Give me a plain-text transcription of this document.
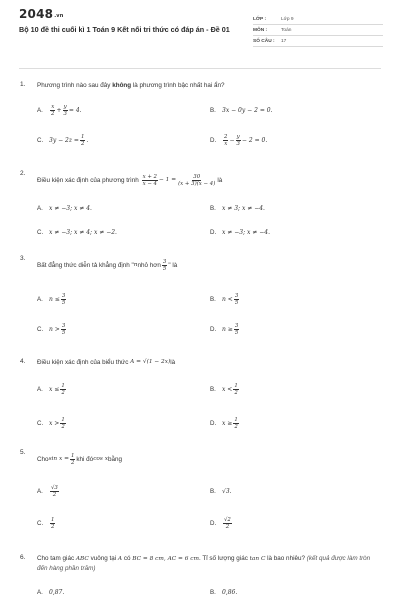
2048.vn
Bộ 10 đề thi cuối kì 1 Toán 9 Kết nối tri thức có đáp án - Đề 01
LỚP :	Lớp 9
MÔN :	Toán
SỐ CÂU :	17
1. Phương trình nào sau đây không là phương trình bậc nhất hai ẩn?
A.	$\frac{x}{2} + \frac{y}{3} = 4$.	B.	3x − 0y − 2 = 0.
C. $3y - 2z = \frac{1}{2}$ .	D.	$\frac{2}{x} - \frac{y}{3} - 2 = 0$.
2.
Điều kiện xác định của phương trình
$\frac{x + 2}{x - 4} - 1 = \frac{30}{(x + 3)(x - 4)}$ là
A.	x ≠ −3; x ≠ 4.	B.	x ≠ 3; x ≠ −4.
C. x ≠ −3; x ≠ 4; x ≠ −2.	D. x ≠ −3; x ≠ −4.
3.
Bất đẳng thức diễn tả khẳng định " n nhỏ hơn $\frac{3}{5}$ " là
A.	$n \le \frac{3}{5}$	B.	$n < \frac{3}{5}$
C. $n > \frac{3}{5}$	D. $n \ge \frac{3}{5}$
4. Điều kiện xác định của biểu thức
A = √(1 − 2x) là
A.	$x \le \frac{1}{2}$	B.	$x < \frac{1}{2}$
C. $x > \frac{1}{2}$	D. $x \ge \frac{1}{2}$
5.
Cho $\sin x = \frac{1}{2}$ khi đó cos x bằng
A.	$\frac{√3}{2}$	B.	√3.
C.	$\frac{1}{2}$	D.	$\frac{√2}{2}$
6. Cho tam giác ABC vuông tại A có BC = 8 cm, AC = 6 cm. Tỉ số lượng giác tan C là bao nhiêu? (kết quả được làm tròn đến hàng phần trăm)
A.	0,87.	B.	0,86.
